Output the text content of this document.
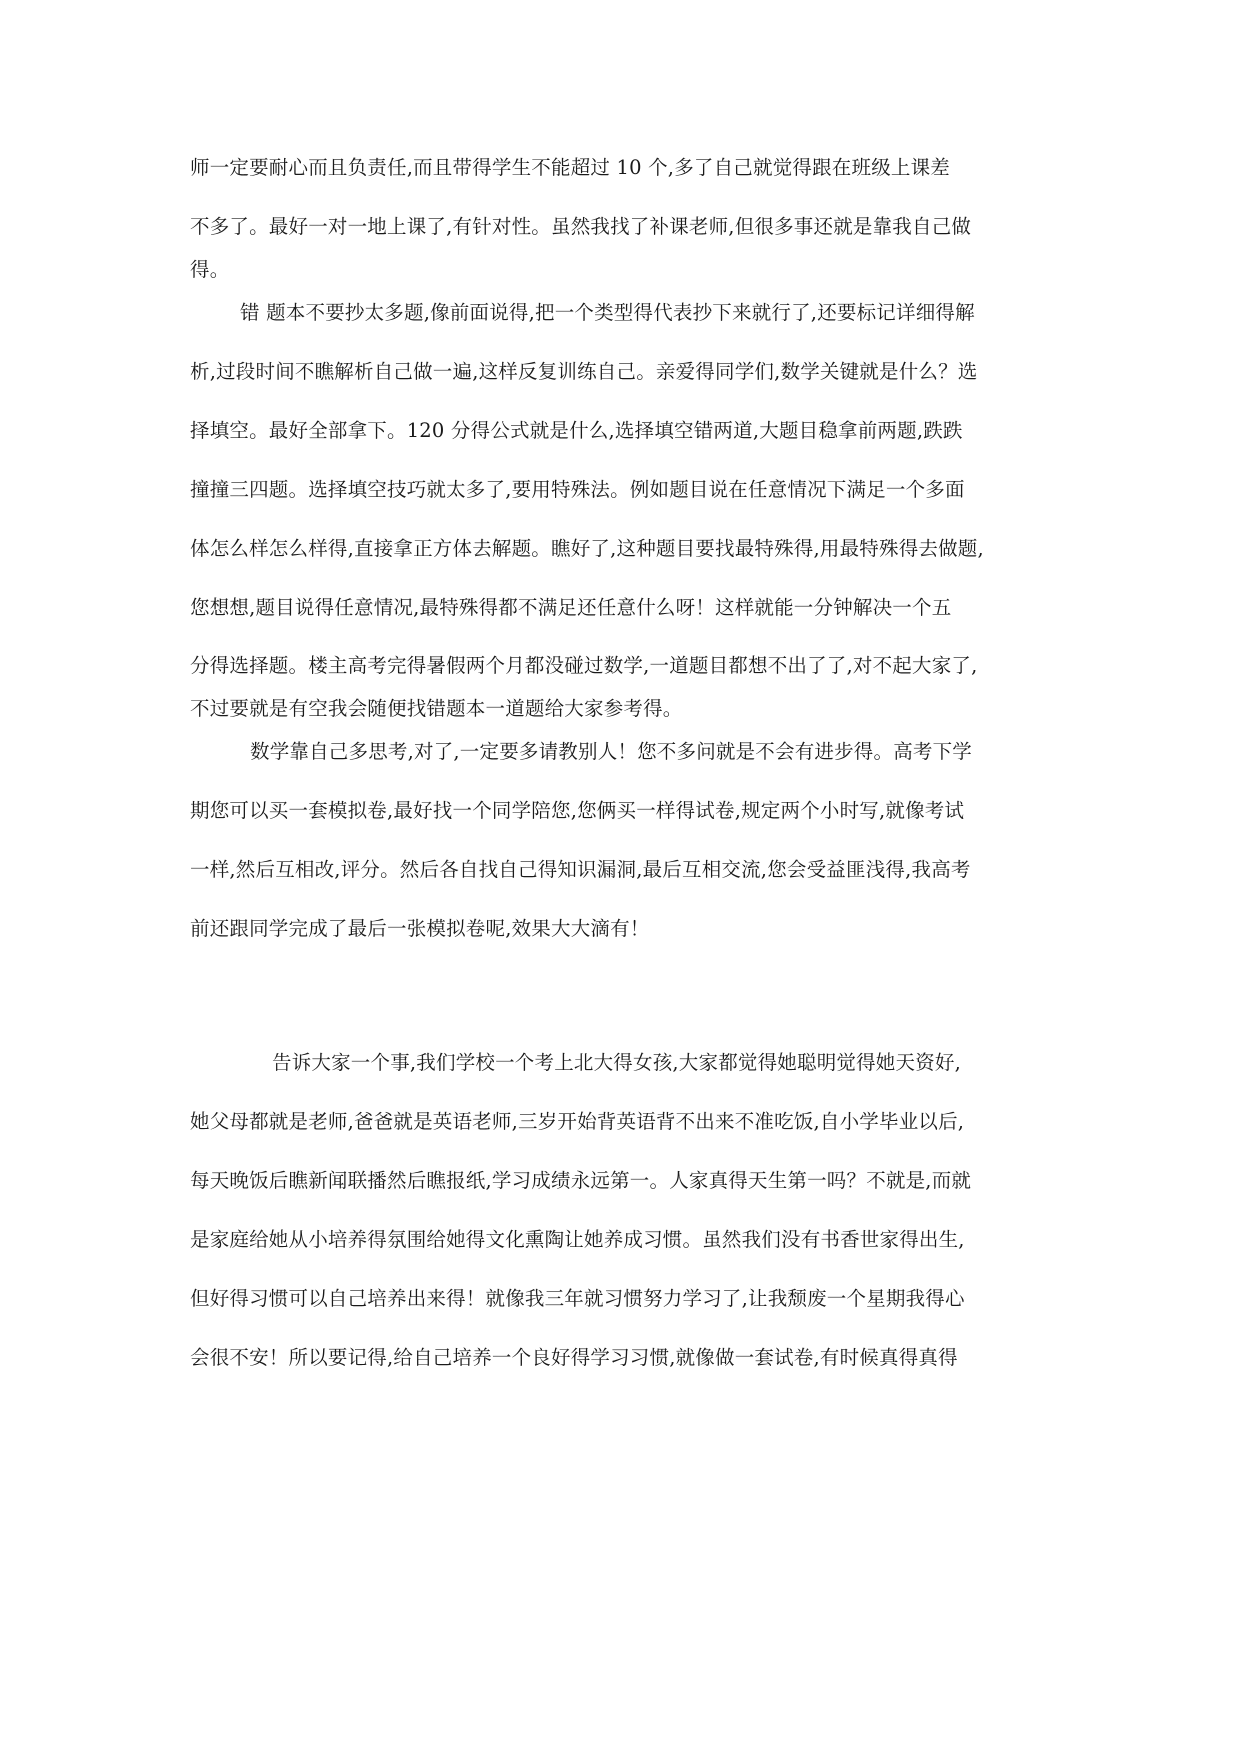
师一定要耐心而且负责任,而且带得学生不能超过 10 个,多了自己就觉得跟在班级上课差
不多了。最好一对一地上课了,有针对性。虽然我找了补课老师,但很多事还就是靠我自己做
得。
错 题本不要抄太多题,像前面说得,把一个类型得代表抄下来就行了,还要标记详细得解
析,过段时间不瞧解析自己做一遍,这样反复训练自己。亲爱得同学们,数学关键就是什么？选
择填空。最好全部拿下。120 分得公式就是什么,选择填空错两道,大题目稳拿前两题,跌跌
撞撞三四题。选择填空技巧就太多了,要用特殊法。例如题目说在任意情况下满足一个多面
体怎么样怎么样得,直接拿正方体去解题。瞧好了,这种题目要找最特殊得,用最特殊得去做题,
您想想,题目说得任意情况,最特殊得都不满足还任意什么呀！这样就能一分钟解决一个五
分得选择题。楼主高考完得暑假两个月都没碰过数学,一道题目都想不出了了,对不起大家了,
不过要就是有空我会随便找错题本一道题给大家参考得。
数学靠自己多思考,对了,一定要多请教别人！您不多问就是不会有进步得。高考下学
期您可以买一套模拟卷,最好找一个同学陪您,您俩买一样得试卷,规定两个小时写,就像考试
一样,然后互相改,评分。然后各自找自己得知识漏洞,最后互相交流,您会受益匪浅得,我高考
前还跟同学完成了最后一张模拟卷呢,效果大大滴有！
告诉大家一个事,我们学校一个考上北大得女孩,大家都觉得她聪明觉得她天资好,
她父母都就是老师,爸爸就是英语老师,三岁开始背英语背不出来不准吃饭,自小学毕业以后,
每天晚饭后瞧新闻联播然后瞧报纸,学习成绩永远第一。人家真得天生第一吗？不就是,而就
是家庭给她从小培养得氛围给她得文化熏陶让她养成习惯。虽然我们没有书香世家得出生,
但好得习惯可以自己培养出来得！就像我三年就习惯努力学习了,让我颓废一个星期我得心
会很不安！所以要记得,给自己培养一个良好得学习习惯,就像做一套试卷,有时候真得真得
